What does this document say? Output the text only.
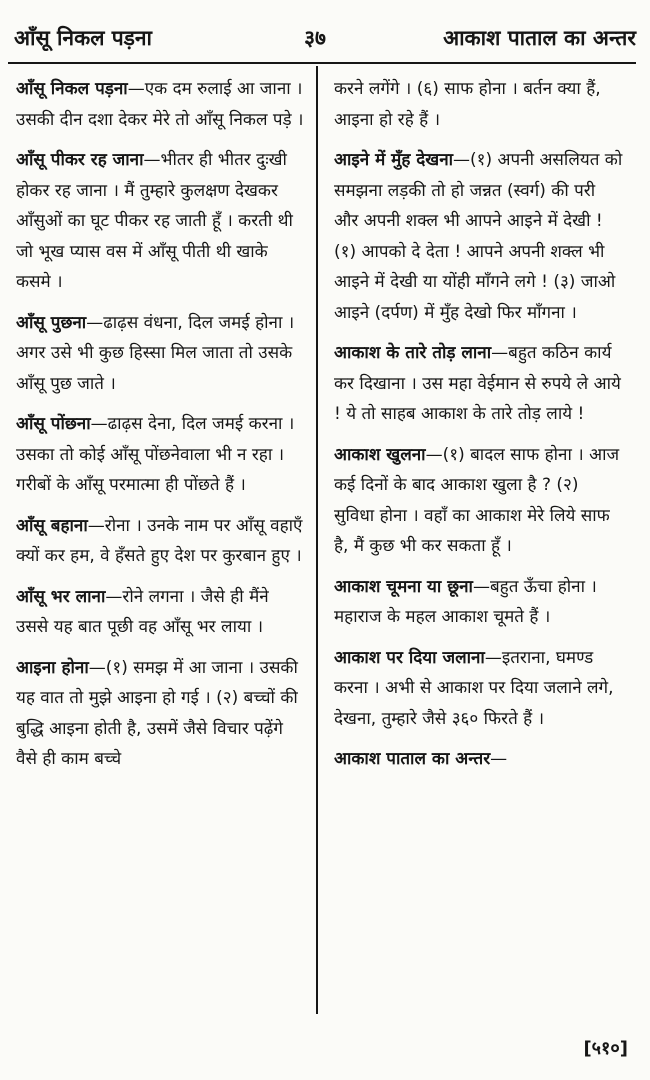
आँसू निकल पड़ना	३७	आकाश पाताल का अन्तर
आँसू निकल पड़ना—एक दम रुलाई आ जाना । उसकी दीन दशा देकर मेरे तो आँसू निकल पड़े ।
आँसू पीकर रह जाना—भीतर ही भीतर दुःखी होकर रह जाना । मैं तुम्हारे कुलक्षण देखकर आँसुओं का घूट पीकर रह जाती हूँ । करती थी जो भूख प्यास वस में आँसू पीती थी खाके कसमे ।
आँसू पुछना—ढाढ़स वंधना, दिल जमई होना । अगर उसे भी कुछ हिस्सा मिल जाता तो उसके आँसू पुछ जाते ।
आँसू पोंछना—ढाढ़स देना, दिल जमई करना । उसका तो कोई आँसू पोंछनेवाला भी न रहा । गरीबों के आँसू परमात्मा ही पोंछते हैं ।
आँसू बहाना—रोना । उनके नाम पर आँसू वहाएँ क्यों कर हम, वे हँसते हुए देश पर कुरबान हुए ।
आँसू भर लाना—रोने लगना । जैसे ही मैंने उससे यह बात पूछी वह आँसू भर लाया ।
आइना होना—(१) समझ में आ जाना । उसकी यह वात तो मुझे आइना हो गई । (२) बच्चों की बुद्धि आइना होती है, उसमें जैसे विचार पढ़ेंगे वैसे ही काम बच्चे
करने लगेंगे । (६) साफ होना । बर्तन क्या हैं, आइना हो रहे हैं ।
आइने में मुँह देखना—(१) अपनी असलियत को समझना लड़की तो हो जन्नत (स्वर्ग) की परी और अपनी शक्ल भी आपने आइने में देखी ! (१) आपको दे देता ! आपने अपनी शक्ल भी आइने में देखी या योंही माँगने लगे ! (३) जाओ आइने (दर्पण) में मुँह देखो फिर माँगना ।
आकाश के तारे तोड़ लाना—बहुत कठिन कार्य कर दिखाना । उस महा वेईमान से रुपये ले आये ! ये तो साहब आकाश के तारे तोड़ लाये !
आकाश खुलना—(१) बादल साफ होना । आज कई दिनों के बाद आकाश खुला है ? (२) सुविधा होना । वहाँ का आकाश मेरे लिये साफ है, मैं कुछ भी कर सकता हूँ ।
आकाश चूमना या छूना—बहुत ऊँचा होना । महाराज के महल आकाश चूमते हैं ।
आकाश पर दिया जलाना—इतराना, घमण्ड करना । अभी से आकाश पर दिया जलाने लगे, देखना, तुम्हारे जैसे ३६० फिरते हैं ।
आकाश पाताल का अन्तर—
[५१०]
